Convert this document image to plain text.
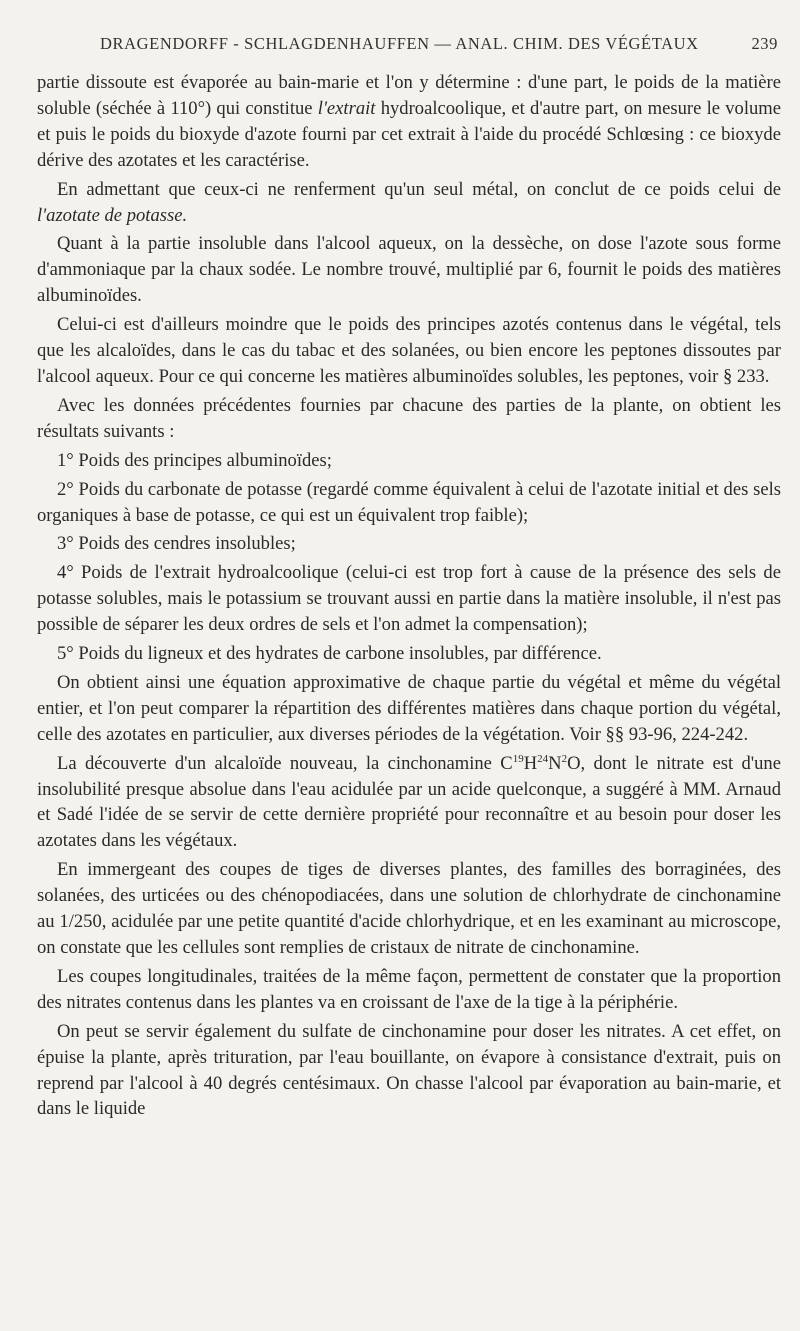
DRAGENDORFF - SCHLAGDENHAUFFEN — ANAL. CHIM. DES VÉGÉTAUX	239

partie dissoute est évaporée au bain-marie et l'on y détermine : d'une part, le poids de la matière soluble (séchée à 110°) qui constitue l'extrait hydroalcoolique, et d'autre part, on mesure le volume et puis le poids du bioxyde d'azote fourni par cet extrait à l'aide du procédé Schlœsing : ce bioxyde dérive des azotates et les caractérise.

En admettant que ceux-ci ne renferment qu'un seul métal, on conclut de ce poids celui de l'azotate de potasse.

Quant à la partie insoluble dans l'alcool aqueux, on la dessèche, on dose l'azote sous forme d'ammoniaque par la chaux sodée. Le nombre trouvé, multiplié par 6, fournit le poids des matières albuminoïdes.

Celui-ci est d'ailleurs moindre que le poids des principes azotés contenus dans le végétal, tels que les alcaloïdes, dans le cas du tabac et des solanées, ou bien encore les peptones dissoutes par l'alcool aqueux. Pour ce qui concerne les matières albuminoïdes solubles, les peptones, voir § 233.

Avec les données précédentes fournies par chacune des parties de la plante, on obtient les résultats suivants :

1° Poids des principes albuminoïdes;

2° Poids du carbonate de potasse (regardé comme équivalent à celui de l'azotate initial et des sels organiques à base de potasse, ce qui est un équivalent trop faible);

3° Poids des cendres insolubles;

4° Poids de l'extrait hydroalcoolique (celui-ci est trop fort à cause de la présence des sels de potasse solubles, mais le potassium se trouvant aussi en partie dans la matière insoluble, il n'est pas possible de séparer les deux ordres de sels et l'on admet la compensation);

5° Poids du ligneux et des hydrates de carbone insolubles, par différence.

On obtient ainsi une équation approximative de chaque partie du végétal et même du végétal entier, et l'on peut comparer la répartition des différentes matières dans chaque portion du végétal, celle des azotates en particulier, aux diverses périodes de la végétation. Voir §§ 93-96, 224-242.

La découverte d'un alcaloïde nouveau, la cinchonamine $C^{19}H^{24}N^2O$, dont le nitrate est d'une insolubilité presque absolue dans l'eau acidulée par un acide quelconque, a suggéré à MM. Arnaud et Sadé l'idée de se servir de cette dernière propriété pour reconnaître et au besoin pour doser les azotates dans les végétaux.

En immergeant des coupes de tiges de diverses plantes, des familles des borraginées, des solanées, des urticées ou des chénopodiacées, dans une solution de chlorhydrate de cinchonamine au 1/250, acidulée par une petite quantité d'acide chlorhydrique, et en les examinant au microscope, on constate que les cellules sont remplies de cristaux de nitrate de cinchonamine.

Les coupes longitudinales, traitées de la même façon, permettent de constater que la proportion des nitrates contenus dans les plantes va en croissant de l'axe de la tige à la périphérie.

On peut se servir également du sulfate de cinchonamine pour doser les nitrates. A cet effet, on épuise la plante, après trituration, par l'eau bouillante, on évapore à consistance d'extrait, puis on reprend par l'alcool à 40 degrés centésimaux. On chasse l'alcool par évaporation au bain-marie, et dans le liquide
